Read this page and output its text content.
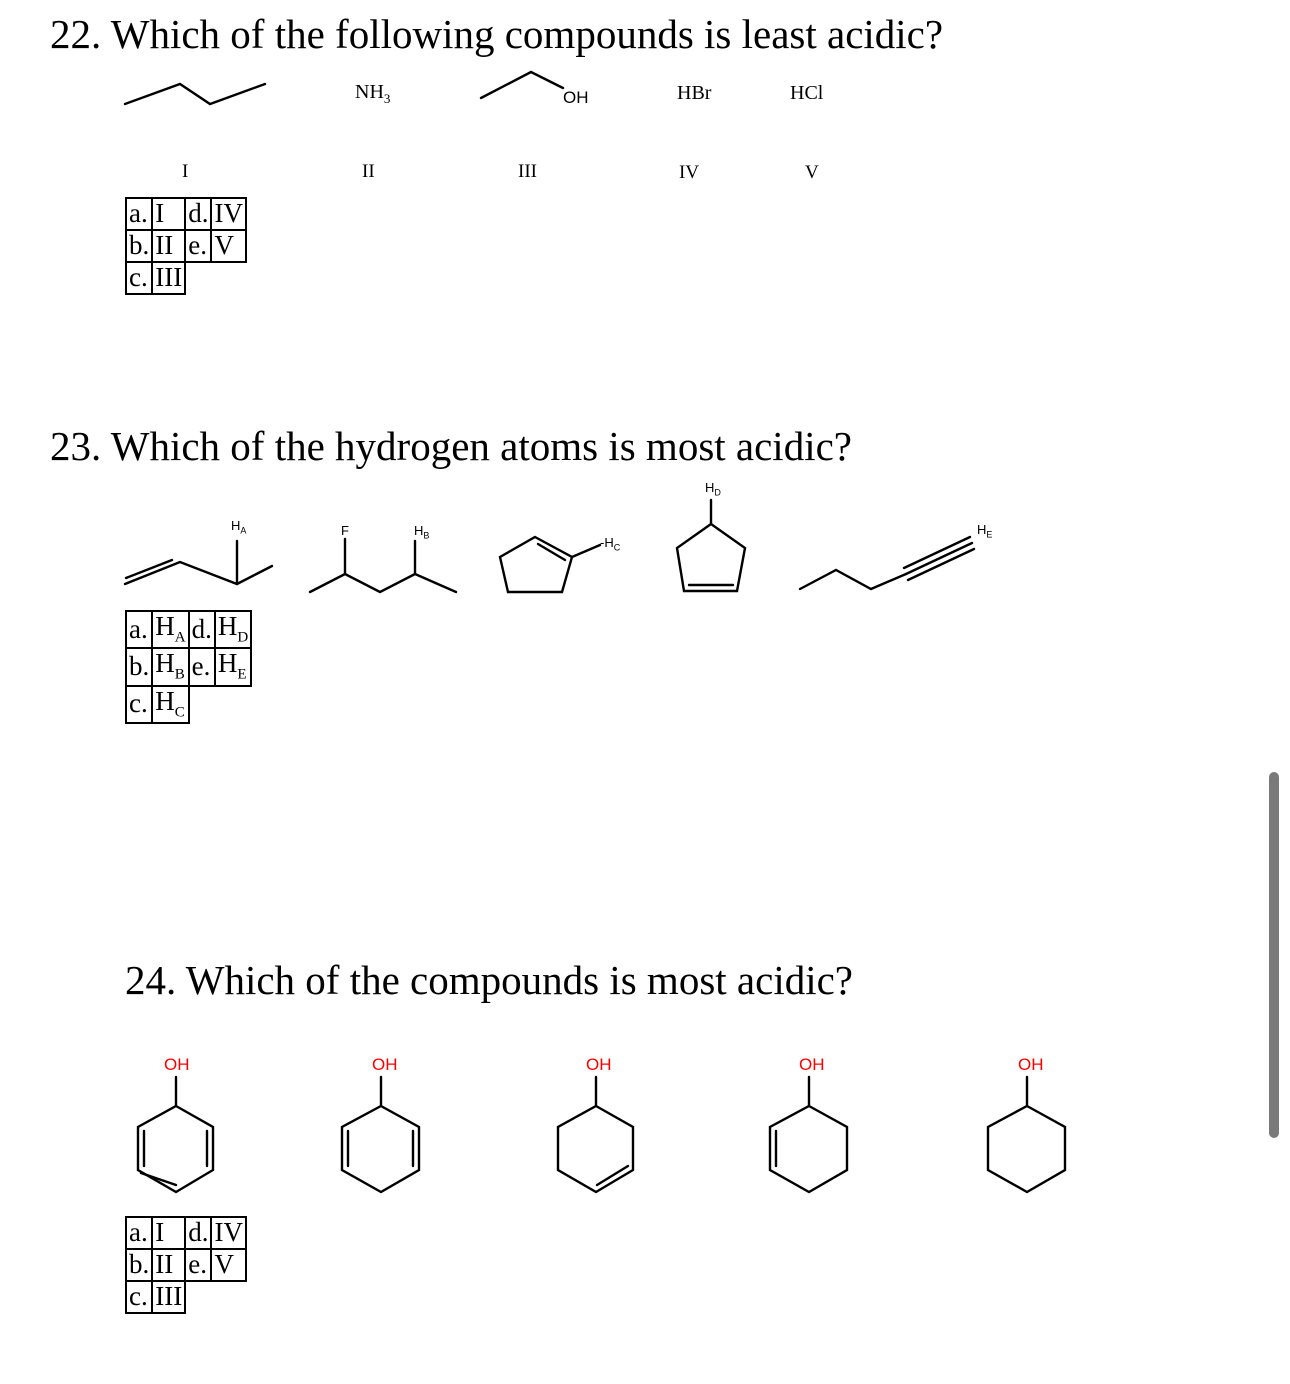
22. Which of the following compounds is least acidic?
$NH_3$	OH	HBr	HCl
I	II	III	IV	V
a.	I	d.	IV
b.	II	e.	V
c.	III		
23. Which of the hydrogen atoms is most acidic?
$H_A$	F	$H_B$	$-H_C$
$H_D$
$H_E$
a.	$H_A$	d.	$H_D$
b.	$H_B$	e.	$H_E$
c.	$H_C$		
24. Which of the compounds is most acidic?
OH	OH	OH	OH	OH
a.	I	d.	IV
b.	II	e.	V
c.	III		
